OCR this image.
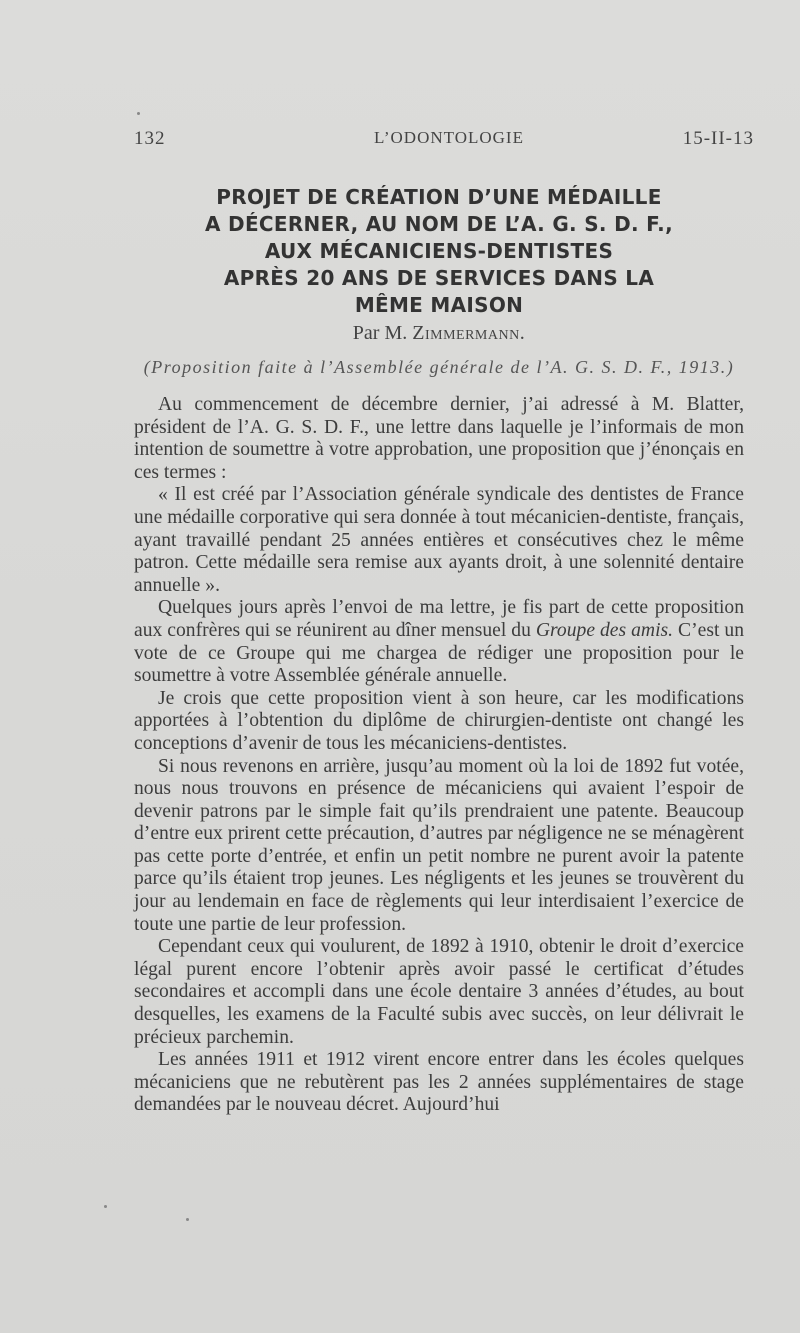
132	L’ODONTOLOGIE	15-II-13
PROJET DE CRÉATION D’UNE MÉDAILLE
A DÉCERNER, AU NOM DE L’A. G. S. D. F.,
AUX MÉCANICIENS-DENTISTES
APRÈS 20 ANS DE SERVICES DANS LA
MÊME MAISON
Par M. Zimmermann.
(Proposition faite à l’Assemblée générale de l’A. G. S. D. F., 1913.)

Au commencement de décembre dernier, j’ai adressé à M. Blatter, président de l’A. G. S. D. F., une lettre dans laquelle je l’informais de mon intention de soumettre à votre approbation, une proposition que j’énonçais en ces termes :

« Il est créé par l’Association générale syndicale des dentistes de France une médaille corporative qui sera donnée à tout mécanicien-dentiste, français, ayant travaillé pendant 25 années entières et consécutives chez le même patron. Cette médaille sera remise aux ayants droit, à une solennité dentaire annuelle ».

Quelques jours après l’envoi de ma lettre, je fis part de cette proposition aux confrères qui se réunirent au dîner mensuel du Groupe des amis. C’est un vote de ce Groupe qui me chargea de rédiger une proposition pour le soumettre à votre Assemblée générale annuelle.

Je crois que cette proposition vient à son heure, car les modifications apportées à l’obtention du diplôme de chirurgien-dentiste ont changé les conceptions d’avenir de tous les mécaniciens-dentistes.

Si nous revenons en arrière, jusqu’au moment où la loi de 1892 fut votée, nous nous trouvons en présence de mécaniciens qui avaient l’espoir de devenir patrons par le simple fait qu’ils prendraient une patente. Beaucoup d’entre eux prirent cette précaution, d’autres par négligence ne se ménagèrent pas cette porte d’entrée, et enfin un petit nombre ne purent avoir la patente parce qu’ils étaient trop jeunes. Les négligents et les jeunes se trouvèrent du jour au lendemain en face de règlements qui leur interdisaient l’exercice de toute une partie de leur profession.

Cependant ceux qui voulurent, de 1892 à 1910, obtenir le droit d’exercice légal purent encore l’obtenir après avoir passé le certificat d’études secondaires et accompli dans une école dentaire 3 années d’études, au bout desquelles, les examens de la Faculté subis avec succès, on leur délivrait le précieux parchemin.

Les années 1911 et 1912 virent encore entrer dans les écoles quelques mécaniciens que ne rebutèrent pas les 2 années supplémentaires de stage demandées par le nouveau décret. Aujourd’hui
